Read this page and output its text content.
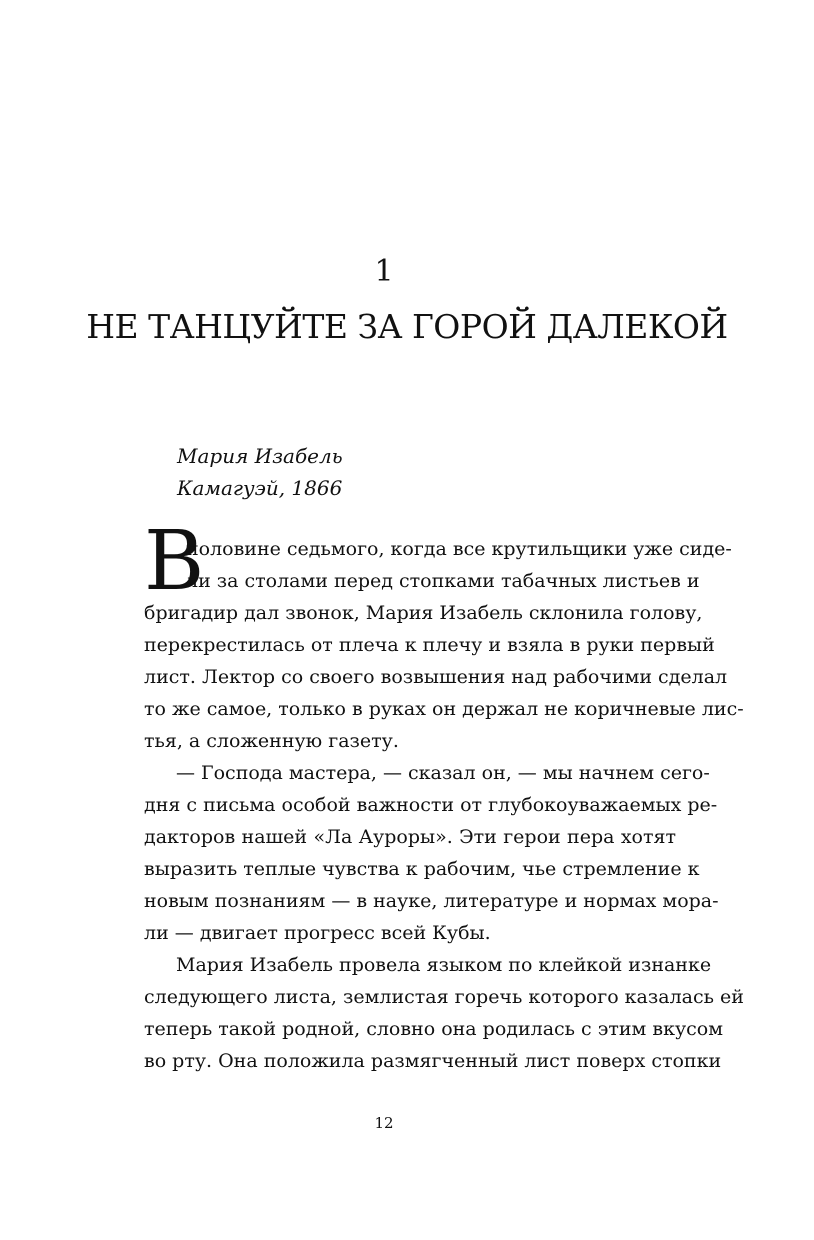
1
НЕ ТАНЦУЙТЕ ЗА ГОРОЙ ДАЛЕКОЙ
Мария Изабель
Камагуэй, 1866
В
половине седьмого, когда все крутильщики уже сиде-
ли за столами перед стопками табачных листьев и
бригадир дал звонок, Мария Изабель склонила голову,
перекрестилась от плеча к плечу и взяла в руки первый
лист. Лектор со своего возвышения над рабочими сделал
то же самое, только в руках он держал не коричневые лис-
тья, а сложенную газету.
— Господа мастера, — сказал он, — мы начнем сего-
дня с письма особой важности от глубокоуважаемых ре-
дакторов нашей «Ла Ауроры». Эти герои пера хотят
выразить теплые чувства к рабочим, чье стремление к
новым познаниям — в науке, литературе и нормах мора-
ли — двигает прогресс всей Кубы.
Мария Изабель провела языком по клейкой изнанке
следующего листа, землистая горечь которого казалась ей
теперь такой родной, словно она родилась с этим вкусом
во рту. Она положила размягченный лист поверх стопки
12
